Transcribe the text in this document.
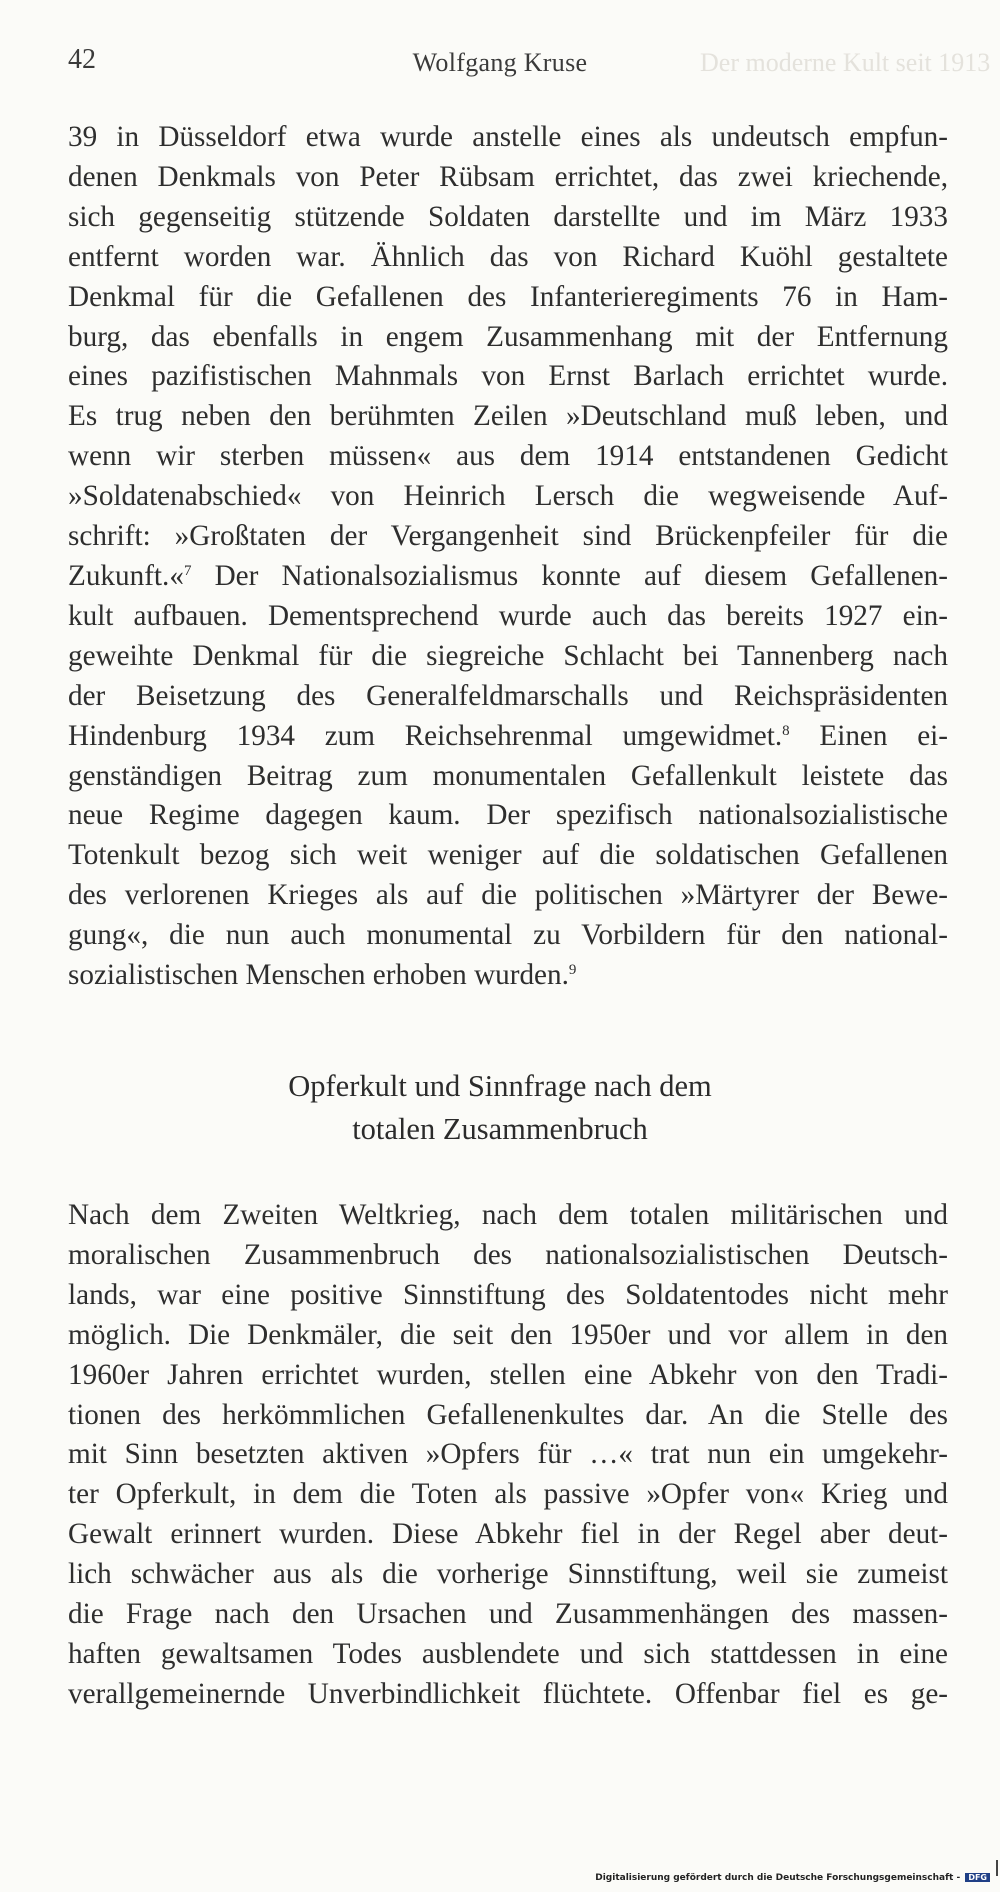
42	Der moderne Kult seit 1913
Wolfgang Kruse
39 in Düsseldorf etwa wurde anstelle eines als undeutsch empfun-
denen Denkmals von Peter Rübsam errichtet, das zwei kriechende,
sich gegenseitig stützende Soldaten darstellte und im März 1933
entfernt worden war. Ähnlich das von Richard Kuöhl gestaltete
Denkmal für die Gefallenen des Infanterieregiments 76 in Ham-
burg, das ebenfalls in engem Zusammenhang mit der Entfernung
eines pazifistischen Mahnmals von Ernst Barlach errichtet wurde.
Es trug neben den berühmten Zeilen »Deutschland muß leben, und
wenn wir sterben müssen« aus dem 1914 entstandenen Gedicht
»Soldatenabschied« von Heinrich Lersch die wegweisende Auf-
schrift: »Großtaten der Vergangenheit sind Brückenpfeiler für die
Zukunft.«$^7$ Der Nationalsozialismus konnte auf diesem Gefallenen-
kult aufbauen. Dementsprechend wurde auch das bereits 1927 ein-
geweihte Denkmal für die siegreiche Schlacht bei Tannenberg nach
der Beisetzung des Generalfeldmarschalls und Reichspräsidenten
Hindenburg 1934 zum Reichsehrenmal umgewidmet.$^8$ Einen ei-
genständigen Beitrag zum monumentalen Gefallenkult leistete das
neue Regime dagegen kaum. Der spezifisch nationalsozialistische
Totenkult bezog sich weit weniger auf die soldatischen Gefallenen
des verlorenen Krieges als auf die politischen »Märtyrer der Bewe-
gung«, die nun auch monumental zu Vorbildern für den national-
sozialistischen Menschen erhoben wurden.$^9$
Opferkult und Sinnfrage nach dem
totalen Zusammenbruch
Nach dem Zweiten Weltkrieg, nach dem totalen militärischen und
moralischen Zusammenbruch des nationalsozialistischen Deutsch-
lands, war eine positive Sinnstiftung des Soldatentodes nicht mehr
möglich. Die Denkmäler, die seit den 1950er und vor allem in den
1960er Jahren errichtet wurden, stellen eine Abkehr von den Tradi-
tionen des herkömmlichen Gefallenenkultes dar. An die Stelle des
mit Sinn besetzten aktiven »Opfers für …« trat nun ein umgekehr-
ter Opferkult, in dem die Toten als passive »Opfer von« Krieg und
Gewalt erinnert wurden. Diese Abkehr fiel in der Regel aber deut-
lich schwächer aus als die vorherige Sinnstiftung, weil sie zumeist
die Frage nach den Ursachen und Zusammenhängen des massen-
haften gewaltsamen Todes ausblendete und sich stattdessen in eine
verallgemeinernde Unverbindlichkeit flüchtete. Offenbar fiel es ge-
Digitalisierung gefördert durch die Deutsche Forschungsgemeinschaft - DFG
